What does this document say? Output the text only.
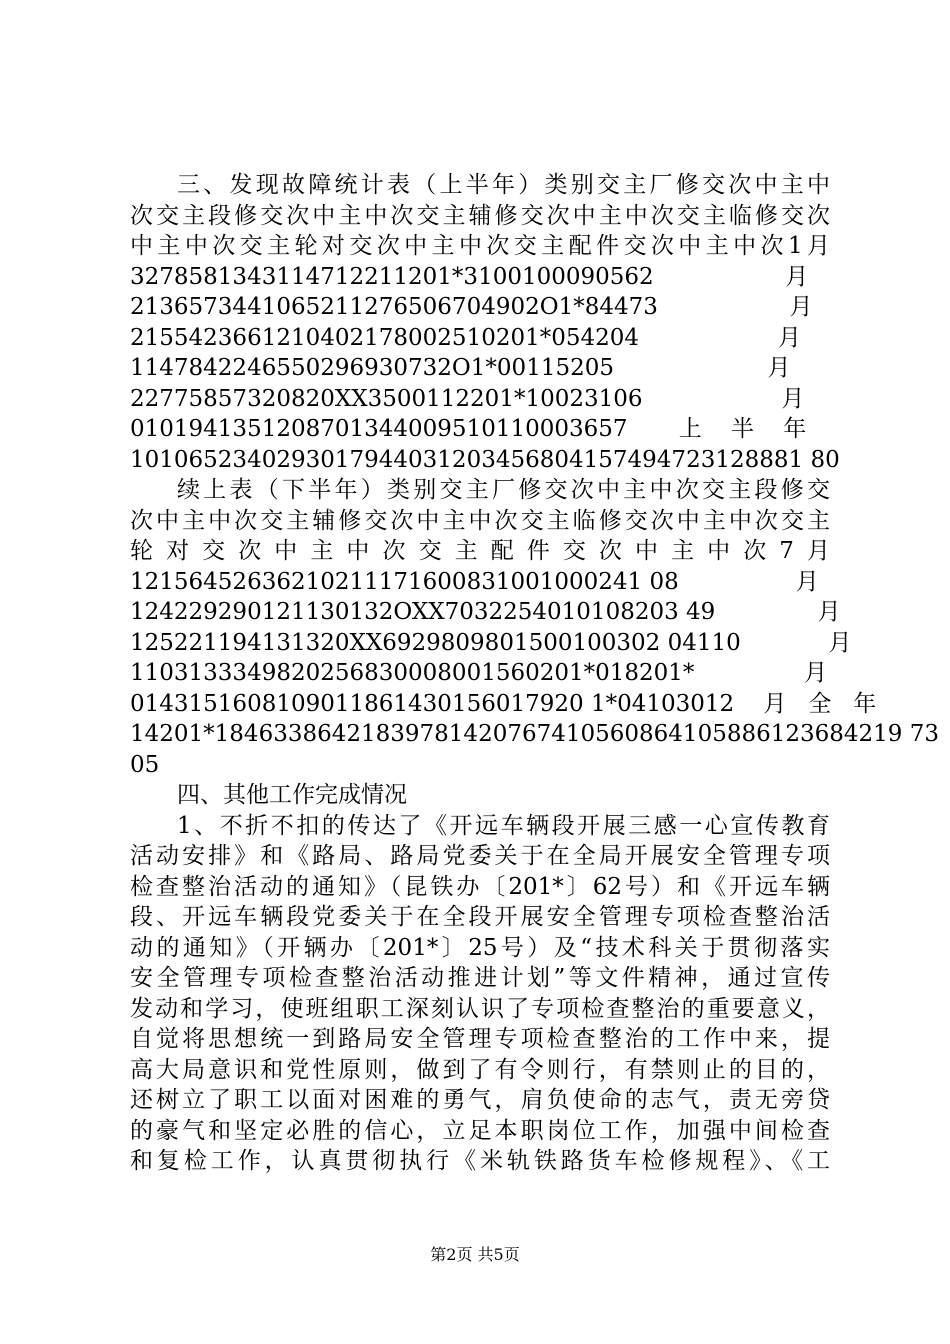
三、发现故障统计表（上半年）类别交主厂修交次中主中
次交主段修交次中主中次交主辅修交次中主中次交主临修交次
中主中次交主轮对交次中主中次交主配件交次中主中次1月
3278581343114712211201*3100100090562                  月
2136573441065211276506704902O1*84473                  月
2155423661210402178002510201*054204                   月
1147842246550296930732O1*00115205                     月
22775857320820XX3500112201*10023106                   月
0101941351208701344009510110003657       上    半    年
1010652340293017944031203456804157494723128881 80
续上表（下半年）类别交主厂修交次中主中次交主段修交
次中主中次交主辅修交次中主中次交主临修交次中主中次交主
轮对交次中主中次交主配件交次中主中次7月
12156452636210211171600831001000241 08                月
124229290121130132OXX7032254010108203 49              月
125221194131320XX6929809801500100302 04110            月
1103133349820256830008001560201*018201*               月
0143151608109011861430156017920 1*04103012    月   全   年
14201*18463386421839781420767410560864105886123684219 73
05
四、其他工作完成情况
1、不折不扣的传达了《开远车辆段开展三感一心宣传教育
活动安排》和《路局、路局党委关于在全局开展安全管理专项
检查整治活动的通知》（昆铁办〔201*〕62号）和《开远车辆
段、开远车辆段党委关于在全段开展安全管理专项检查整治活
动的通知》（开辆办〔201*〕25号）及“技术科关于贯彻落实
安全管理专项检查整治活动推进计划”等文件精神，通过宣传
发动和学习，使班组职工深刻认识了专项检查整治的重要意义，
自觉将思想统一到路局安全管理专项检查整治的工作中来，提
高大局意识和党性原则，做到了有令则行，有禁则止的目的，
还树立了职工以面对困难的勇气，肩负使命的志气，责无旁贷
的豪气和坚定必胜的信心，立足本职岗位工作，加强中间检查
和复检工作，认真贯彻执行《米轨铁路货车检修规程》、《工
第2页 共5页
